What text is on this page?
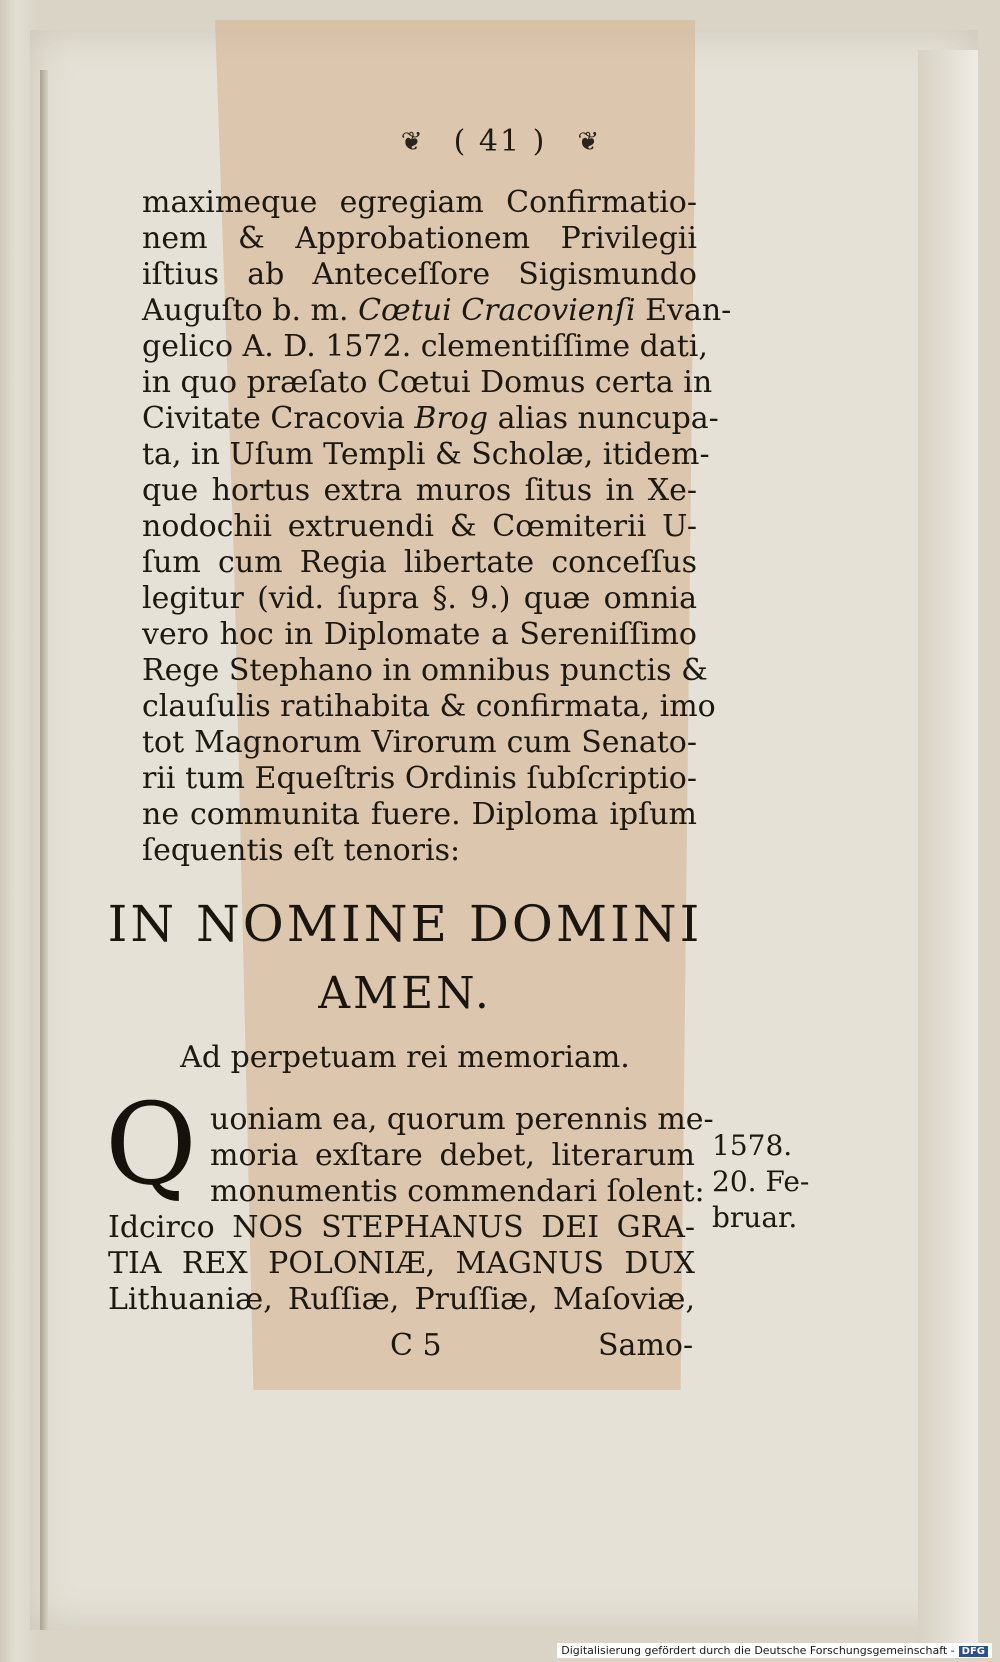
❦ ( 41 ) ❦
maximeque egregiam Confirmatio-
nem & Approbationem Privilegii
iſtius ab Anteceſſore Sigismundo
Auguſto b. m. Cœtui Cracovienſi Evan-
gelico A. D. 1572. clementiſſime dati,
in quo præſato Cœtui Domus certa in
Civitate Cracovia Brog alias nuncupa-
ta, in Uſum Templi & Scholæ, itidem-
que hortus extra muros ſitus in Xe-
nodochii extruendi & Cœmiterii U-
ſum cum Regia libertate conceſſus
legitur (vid. ſupra §. 9.) quæ omnia
vero hoc in Diplomate a Sereniſſimo
Rege Stephano in omnibus punctis &
clauſulis ratihabita & confirmata, imo
tot Magnorum Virorum cum Senato-
rii tum Equeſtris Ordinis ſubſcriptio-
ne communita fuere. Diploma ipſum
ſequentis eſt tenoris:
IN NOMINE DOMINI
AMEN.
Ad perpetuam rei memoriam.
Q uoniam ea, quorum perennis me-
moria exſtare debet, literarum
monumentis commendari ſolent:
Idcirco NOS STEPHANUS DEI GRA-
TIA REX POLONIÆ, MAGNUS DUX
Lithuaniæ, Ruſſiæ, Pruſſiæ, Maſoviæ,
1578.
20. Fe-
bruar.
C 5	Samo-
Digitalisierung gefördert durch die Deutsche Forschungsgemeinschaft - DFG
